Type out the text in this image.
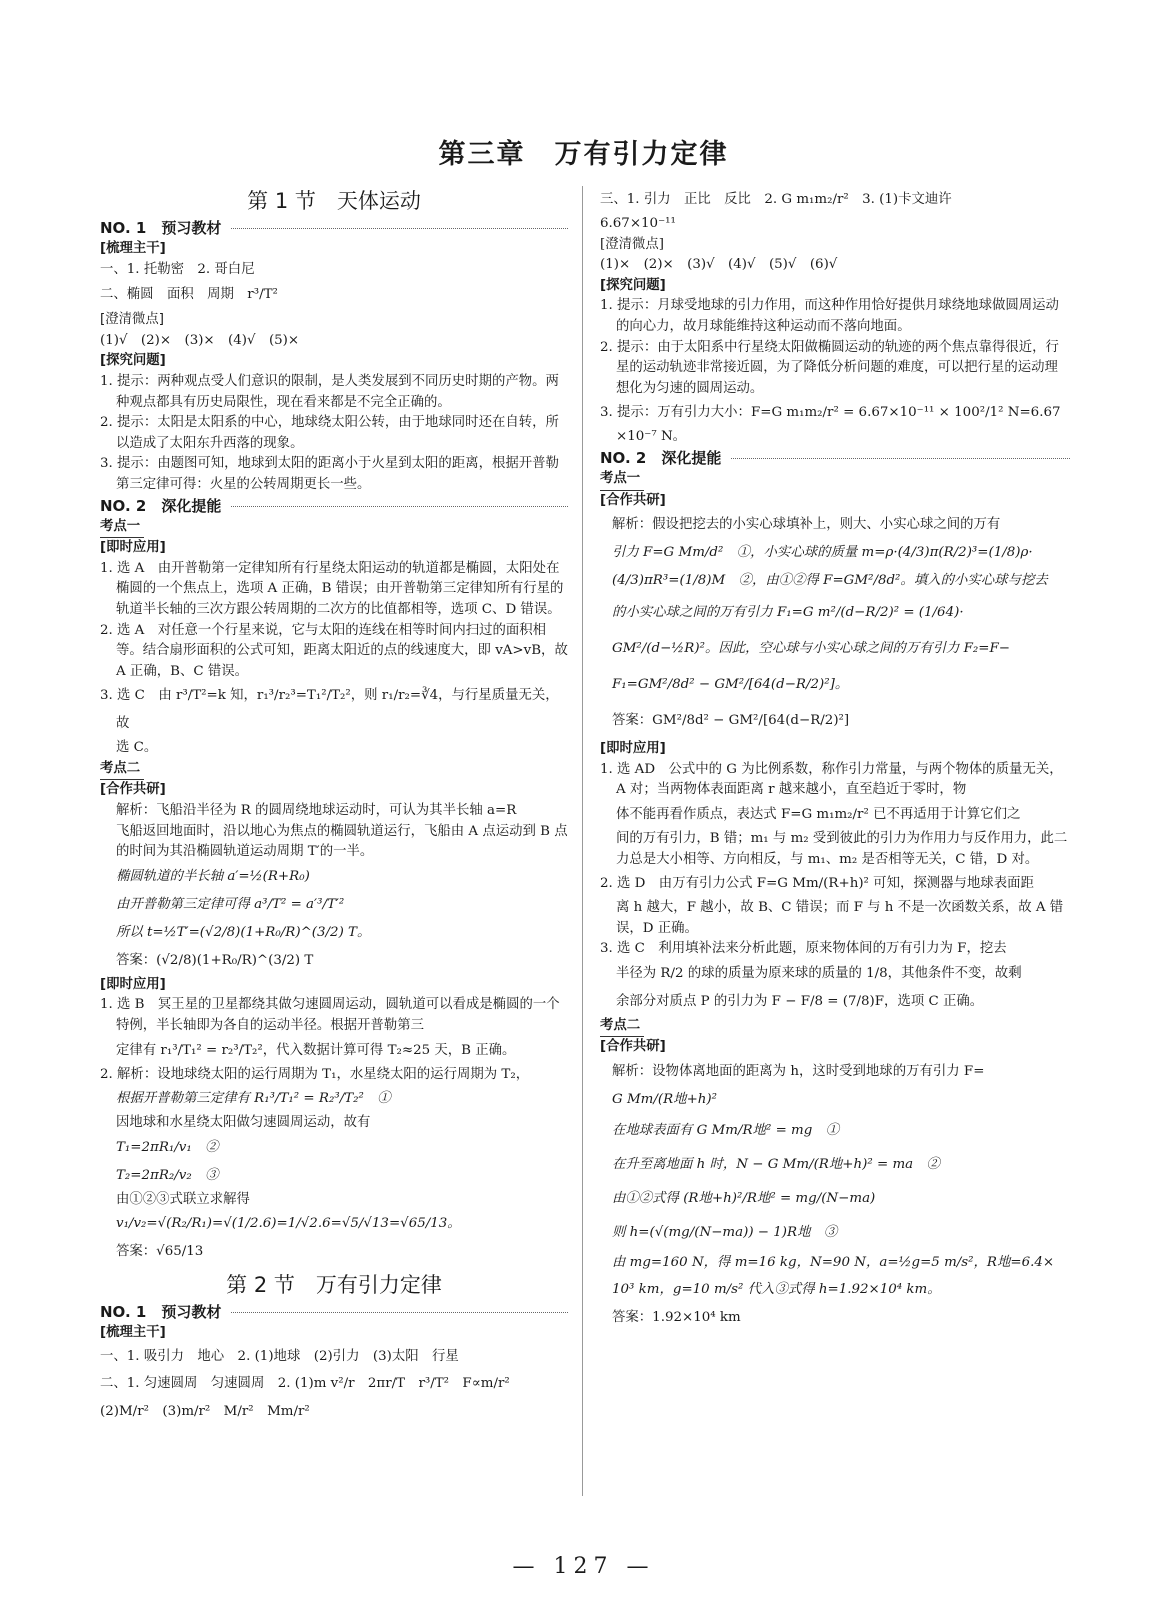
第三章　万有引力定律
第 1 节　天体运动
NO. 1　预习教材
[梳理主干]

一、1. 托勒密　2. 哥白尼

二、椭圆　面积　周期　r³/T²

[澄清微点]

(1)√　(2)×　(3)×　(4)√　(5)×

[探究问题]

1. 提示：两种观点受人们意识的限制，是人类发展到不同历史时期的产物。两种观点都具有历史局限性，现在看来都是不完全正确的。

2. 提示：太阳是太阳系的中心，地球绕太阳公转，由于地球同时还在自转，所以造成了太阳东升西落的现象。

3. 提示：由题图可知，地球到太阳的距离小于火星到太阳的距离，根据开普勒第三定律可得：火星的公转周期更长一些。

NO. 2　深化提能
考点一
[即时应用]

1. 选 A　由开普勒第一定律知所有行星绕太阳运动的轨道都是椭圆，太阳处在椭圆的一个焦点上，选项 A 正确，B 错误；由开普勒第三定律知所有行星的轨道半长轴的三次方跟公转周期的二次方的比值都相等，选项 C、D 错误。

2. 选 A　对任意一个行星来说，它与太阳的连线在相等时间内扫过的面积相等。结合扇形面积的公式可知，距离太阳近的点的线速度大，即 vA>vB，故 A 正确，B、C 错误。

3. 选 C　由 r³/T²=k 知，r₁³/r₂³=T₁²/T₂²，则 r₁/r₂=∛4，与行星质量无关，故

选 C。

考点二
[合作共研]

解析：飞船沿半径为 R 的圆周绕地球运动时，可认为其半长轴 a=R

飞船返回地面时，沿以地心为焦点的椭圆轨道运行，飞船由 A 点运动到 B 点的时间为其沿椭圆轨道运动周期 T′的一半。

椭圆轨道的半长轴 a′=½(R+R₀)

由开普勒第三定律可得 a³/T² = a′³/T′²

所以 t=½T′=(√2/8)(1+R₀/R)^(3/2) T。

答案：(√2/8)(1+R₀/R)^(3/2) T

[即时应用]

1. 选 B　冥王星的卫星都绕其做匀速圆周运动，圆轨道可以看成是椭圆的一个特例，半长轴即为各自的运动半径。根据开普勒第三

定律有 r₁³/T₁² = r₂³/T₂²，代入数据计算可得 T₂≈25 天，B 正确。

2. 解析：设地球绕太阳的运行周期为 T₁，水星绕太阳的运行周期为 T₂，

根据开普勒第三定律有 R₁³/T₁² = R₂³/T₂²　①

因地球和水星绕太阳做匀速圆周运动，故有

T₁=2πR₁/v₁　②

T₂=2πR₂/v₂　③

由①②③式联立求解得

v₁/v₂=√(R₂/R₁)=√(1/2.6)=1/√2.6=√5/√13=√65/13。

答案：√65/13

第 2 节　万有引力定律
NO. 1　预习教材
[梳理主干]

一、1. 吸引力　地心　2. (1)地球　(2)引力　(3)太阳　行星

二、1. 匀速圆周　匀速圆周　2. (1)m v²/r　2πr/T　r³/T²　F∝m/r²

(2)M/r²　(3)m/r²　M/r²　Mm/r²

三、1. 引力　正比　反比　2. G m₁m₂/r²　3. (1)卡文迪许

6.67×10⁻¹¹

[澄清微点]

(1)×　(2)×　(3)√　(4)√　(5)√　(6)√

[探究问题]

1. 提示：月球受地球的引力作用，而这种作用恰好提供月球绕地球做圆周运动的向心力，故月球能维持这种运动而不落向地面。

2. 提示：由于太阳系中行星绕太阳做椭圆运动的轨迹的两个焦点靠得很近，行星的运动轨迹非常接近圆，为了降低分析问题的难度，可以把行星的运动理想化为匀速的圆周运动。

3. 提示：万有引力大小：F=G m₁m₂/r² = 6.67×10⁻¹¹ × 100²/1² N=6.67

×10⁻⁷ N。

NO. 2　深化提能
考点一
[合作共研]

解析：假设把挖去的小实心球填补上，则大、小实心球之间的万有

引力 F=G Mm/d²　①，小实心球的质量 m=ρ·(4/3)π(R/2)³=(1/8)ρ·

(4/3)πR³=(1/8)M　②，由①②得 F=GM²/8d²。填入的小实心球与挖去

的小实心球之间的万有引力 F₁=G m²/(d−R/2)² = (1/64)·

GM²/(d−½R)²。因此，空心球与小实心球之间的万有引力 F₂=F−

F₁=GM²/8d² − GM²/[64(d−R/2)²]。

答案：GM²/8d² − GM²/[64(d−R/2)²]

[即时应用]

1. 选 AD　公式中的 G 为比例系数，称作引力常量，与两个物体的质量无关，A 对；当两物体表面距离 r 越来越小，直至趋近于零时，物

体不能再看作质点，表达式 F=G m₁m₂/r² 已不再适用于计算它们之

间的万有引力，B 错；m₁ 与 m₂ 受到彼此的引力为作用力与反作用力，此二力总是大小相等、方向相反，与 m₁、m₂ 是否相等无关，C 错，D 对。

2. 选 D　由万有引力公式 F=G Mm/(R+h)² 可知，探测器与地球表面距

离 h 越大，F 越小，故 B、C 错误；而 F 与 h 不是一次函数关系，故 A 错误，D 正确。

3. 选 C　利用填补法来分析此题，原来物体间的万有引力为 F，挖去

半径为 R/2 的球的质量为原来球的质量的 1/8，其他条件不变，故剩

余部分对质点 P 的引力为 F − F/8 = (7/8)F，选项 C 正确。

考点二
[合作共研]

解析：设物体离地面的距离为 h，这时受到地球的万有引力 F=

G Mm/(R地+h)²

在地球表面有 G Mm/R地² = mg　①

在升至离地面 h 时，N − G Mm/(R地+h)² = ma　②

由①②式得 (R地+h)²/R地² = mg/(N−ma)

则 h=(√(mg/(N−ma)) − 1)R地　③

由 mg=160 N，得 m=16 kg，N=90 N，a=½g=5 m/s²，R地=6.4×

10³ km，g=10 m/s² 代入③式得 h=1.92×10⁴ km。

答案：1.92×10⁴ km

— 127 —
